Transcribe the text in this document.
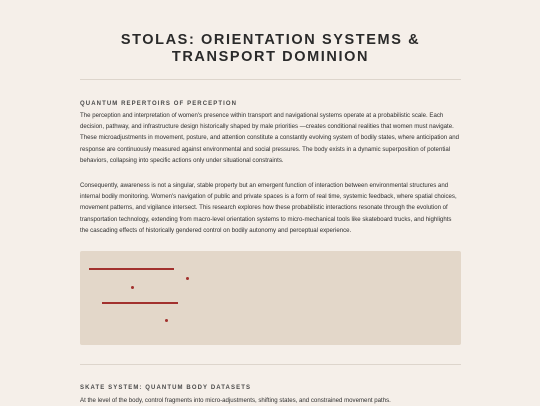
STOLAS: ORIENTATION SYSTEMS & TRANSPORT DOMINION
QUANTUM REPERTOIRS OF PERCEPTION

The perception and interpretation of women's presence within transport and navigational systems operate at a probabilistic scale. Each decision, pathway, and infrastructure design historically shaped by male priorities —creates conditional realities that women must navigate. These microadjustments in movement, posture, and attention constitute a constantly evolving system of bodily states, where anticipation and response are continuously measured against environmental and social pressures. The body exists in a dynamic superposition of potential behaviors, collapsing into specific actions only under situational constraints.

Consequently, awareness is not a singular, stable property but an emergent function of interaction between environmental structures and internal bodily monitoring. Women's navigation of public and private spaces is a form of real time, systemic feedback, where spatial choices, movement patterns, and vigilance intersect. This research explores how these probabilistic interactions resonate through the evolution of transportation technology, extending from macro-level orientation systems to micro-mechanical tools like skateboard trucks, and highlights the cascading effects of historically gendered control on bodily autonomy and perceptual experience.

SKATE SYSTEM: QUANTUM BODY DATASETS

At the level of the body, control fragments into micro-adjustments, shifting states, and constrained movement paths.
